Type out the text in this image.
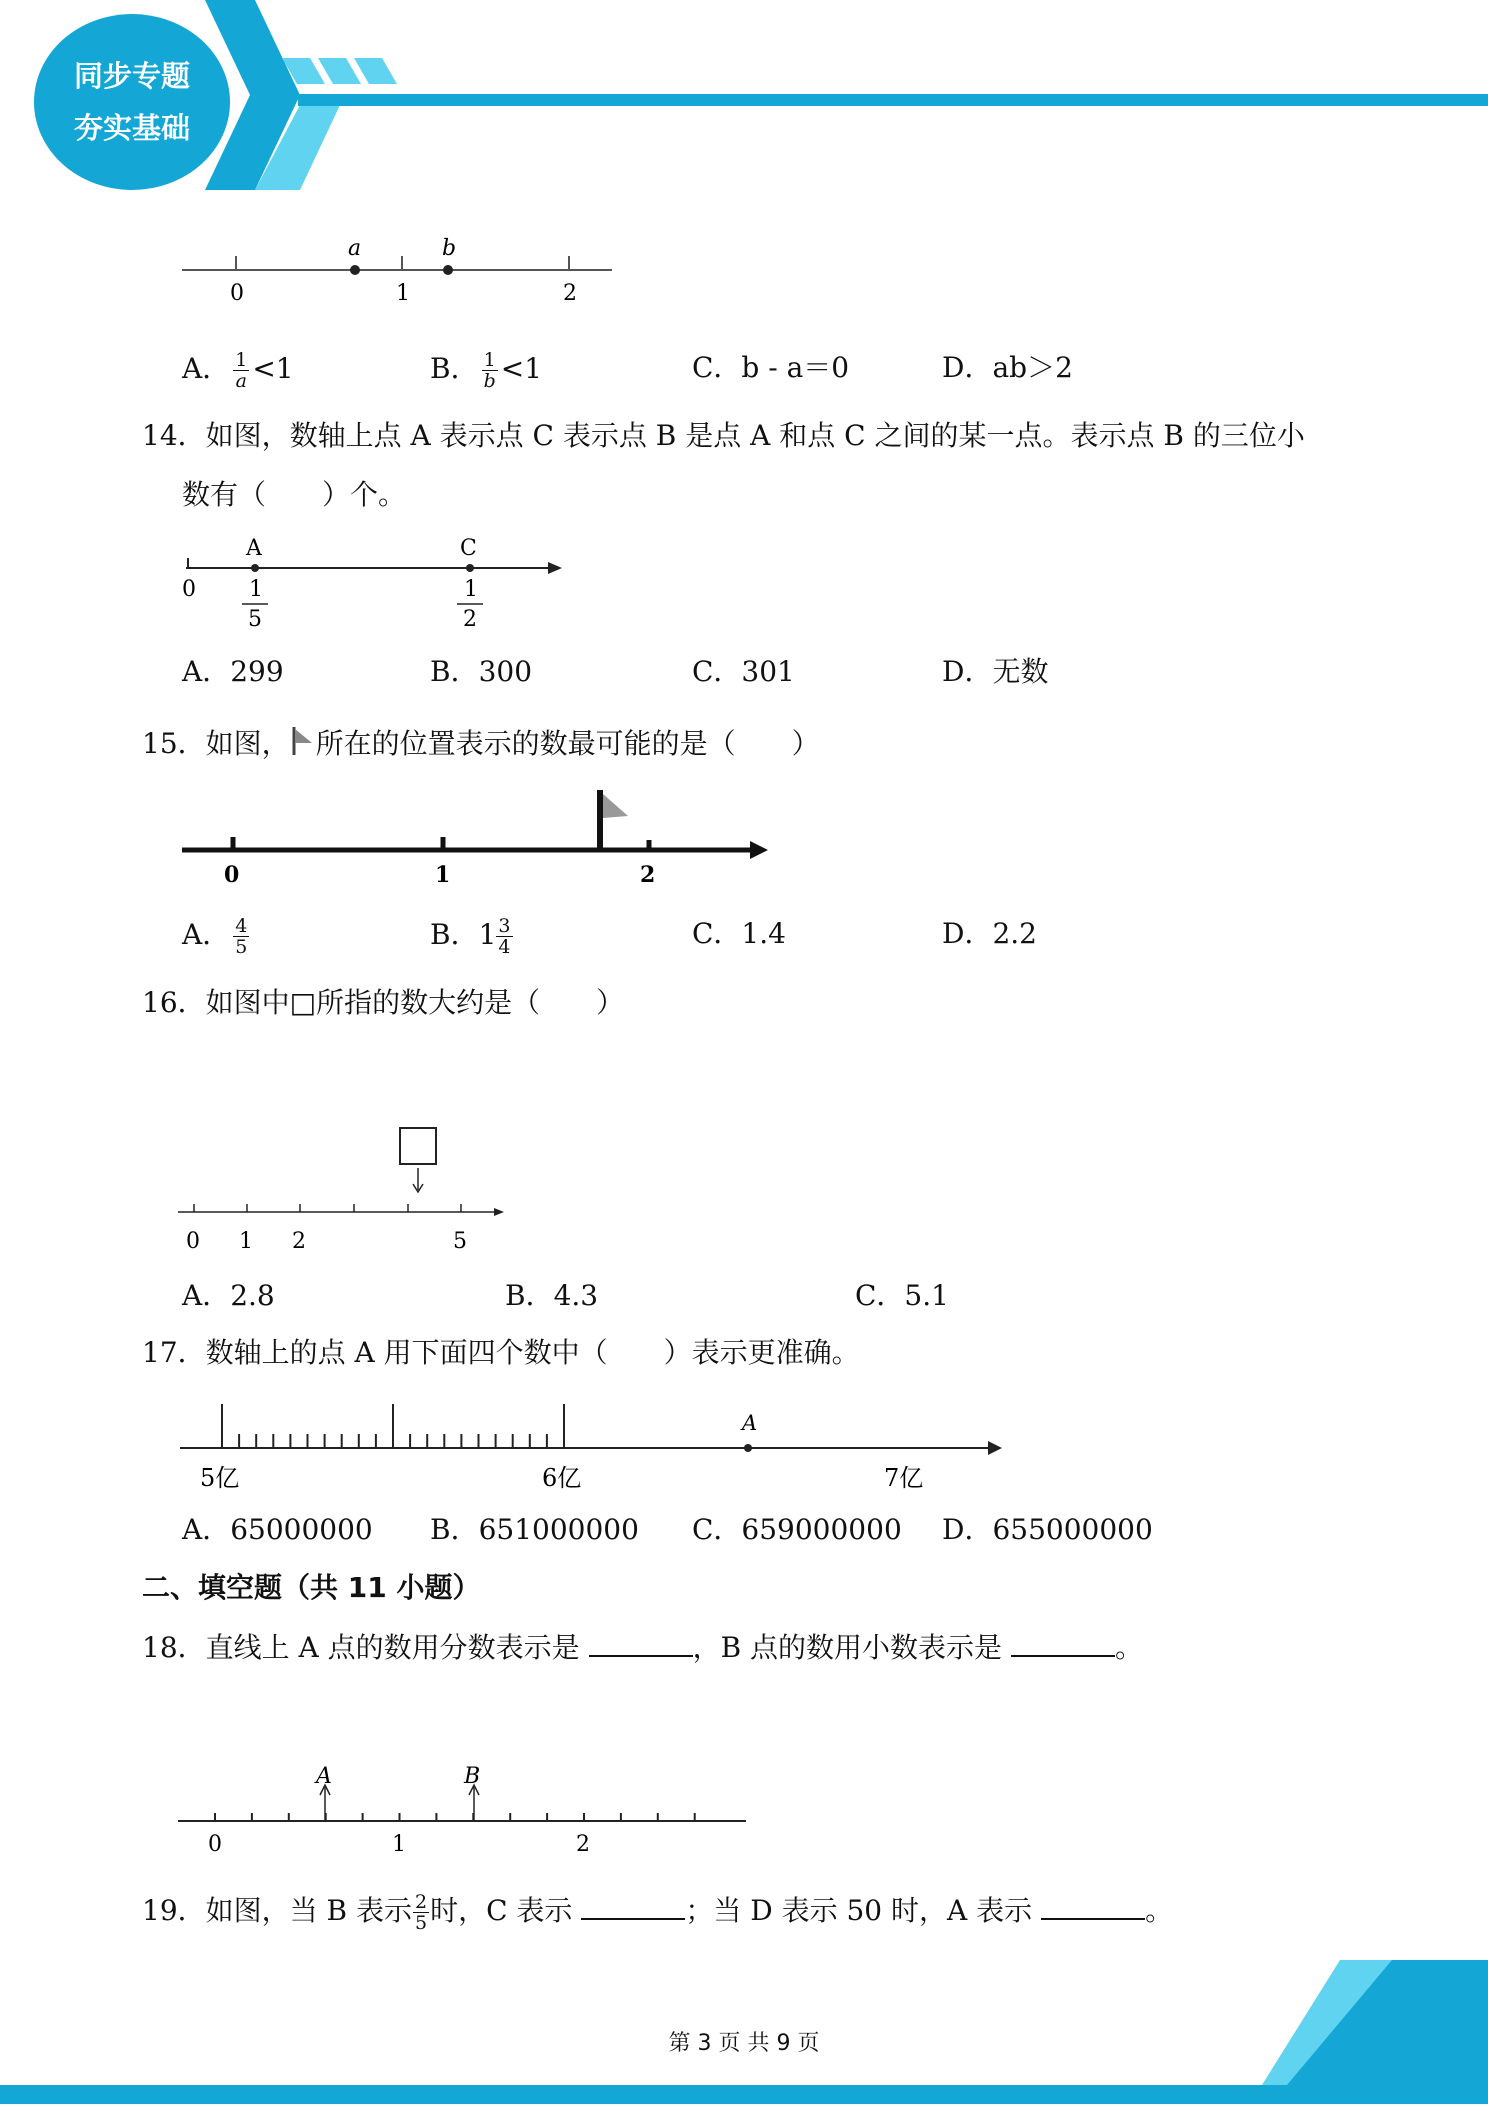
同步专题
夯实基础
0	1	2
a	b
A． $\frac{1}{a} <1$	B． $\frac{1}{b} <1$	C．b - a＝0	D．ab＞2
14．如图，数轴上点 A 表示点 C 表示点 B 是点 A 和点 C 之间的某一点。表示点 B 的三位小
数有（　　）个。
0
A	C
1
5
1
2
A．299	B．300	C．301	D．无数
15．如图， 所在的位置表示的数最可能的是（　　）
0	1	2
A． $\frac{4}{5}$	B．$1 \frac{3}{4}$	C．1.4	D．2.2
16．如图中□所指的数大约是（　　）
0 1 2	5
A．2.8	B．4.3	C．5.1
17．数轴上的点 A 用下面四个数中（　　）表示更准确。
A
5亿	6亿	7亿
A．65000000 B．651000000 C．659000000 D．655000000
二、填空题（共 11 小题）
18．直线上 A 点的数用分数表示是	，B 点的数用小数表示是	。
A	B
0	1	2
19．如图，当 B 表示 $\frac{2}{5}$ 时，C 表示	；当 D 表示 50 时，A 表示	。
第 3 页 共 9 页
